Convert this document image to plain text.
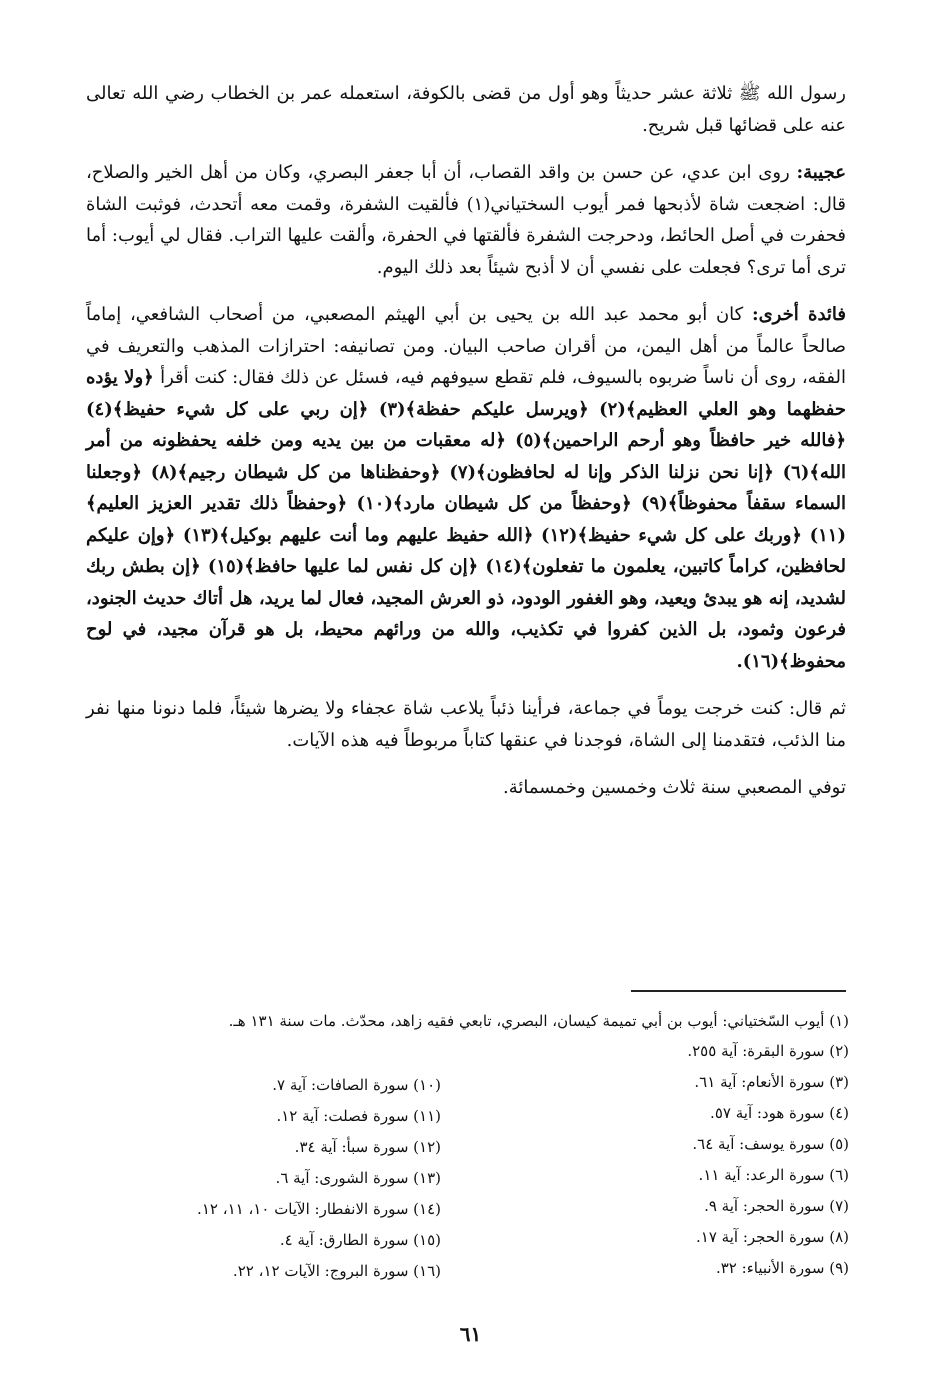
رسول الله ﷺ ثلاثة عشر حديثاً وهو أول من قضى بالكوفة، استعمله عمر بن الخطاب رضي الله تعالى عنه على قضائها قبل شريح.

عجيبة: روى ابن عدي، عن حسن بن واقد القصاب، أن أبا جعفر البصري، وكان من أهل الخير والصلاح، قال: اضجعت شاة لأذبحها فمر أيوب السختياني(١) فألقيت الشفرة، وقمت معه أتحدث، فوثبت الشاة فحفرت في أصل الحائط، ودحرجت الشفرة فألقتها في الحفرة، وألقت عليها التراب. فقال لي أيوب: أما ترى أما ترى؟ فجعلت على نفسي أن لا أذبح شيئاً بعد ذلك اليوم.

فائدة أخرى: كان أبو محمد عبد الله بن يحيى بن أبي الهيثم المصعبي، من أصحاب الشافعي، إماماً صالحاً عالماً من أهل اليمن، من أقران صاحب البيان. ومن تصانيفه: احترازات المذهب والتعريف في الفقه، روى أن ناساً ضربوه بالسيوف، فلم تقطع سيوفهم فيه، فسئل عن ذلك فقال: كنت أقرأ ﴿ولا يؤده حفظهما وهو العلي العظيم﴾(٢) ﴿ويرسل عليكم حفظة﴾(٣) ﴿إن ربي على كل شيء حفيظ﴾(٤) ﴿فالله خير حافظاً وهو أرحم الراحمين﴾(٥) ﴿له معقبات من بين يديه ومن خلفه يحفظونه من أمر الله﴾(٦) ﴿إنا نحن نزلنا الذكر وإنا له لحافظون﴾(٧) ﴿وحفظناها من كل شيطان رجيم﴾(٨) ﴿وجعلنا السماء سقفاً محفوظاً﴾(٩) ﴿وحفظاً من كل شيطان مارد﴾(١٠) ﴿وحفظاً ذلك تقدير العزيز العليم﴾(١١) ﴿وربك على كل شيء حفيظ﴾(١٢) ﴿الله حفيظ عليهم وما أنت عليهم بوكيل﴾(١٣) ﴿وإن عليكم لحافظين، كراماً كاتبين، يعلمون ما تفعلون﴾(١٤) ﴿إن كل نفس لما عليها حافظ﴾(١٥) ﴿إن بطش ربك لشديد، إنه هو يبدئ ويعيد، وهو الغفور الودود، ذو العرش المجيد، فعال لما يريد، هل أتاك حديث الجنود، فرعون وثمود، بل الذين كفروا في تكذيب، والله من ورائهم محيط، بل هو قرآن مجيد، في لوح محفوظ﴾(١٦).

ثم قال: كنت خرجت يوماً في جماعة، فرأينا ذئباً يلاعب شاة عجفاء ولا يضرها شيئاً، فلما دنونا منها نفر منا الذئب، فتقدمنا إلى الشاة، فوجدنا في عنقها كتاباً مربوطاً فيه هذه الآيات.

توفي المصعبي سنة ثلاث وخمسين وخمسمائة.

(١) أيوب السّختياني: أيوب بن أبي تميمة كيسان، البصري، تابعي فقيه زاهد، محدّث. مات سنة ١٣١ هـ.
(٢) سورة البقرة: آية ٢٥٥.
(٣) سورة الأنعام: آية ٦١.
(٤) سورة هود: آية ٥٧.
(٥) سورة يوسف: آية ٦٤.
(٦) سورة الرعد: آية ١١.
(٧) سورة الحجر: آية ٩.
(٨) سورة الحجر: آية ١٧.
(٩) سورة الأنبياء: ٣٢.
(١٠) سورة الصافات: آية ٧.
(١١) سورة فصلت: آية ١٢.
(١٢) سورة سبأ: آية ٣٤.
(١٣) سورة الشورى: آية ٦.
(١٤) سورة الانفطار: الآيات ١٠، ١١، ١٢.
(١٥) سورة الطارق: آية ٤.
(١٦) سورة البروج: الآيات ١٢، ٢٢.
٦١
